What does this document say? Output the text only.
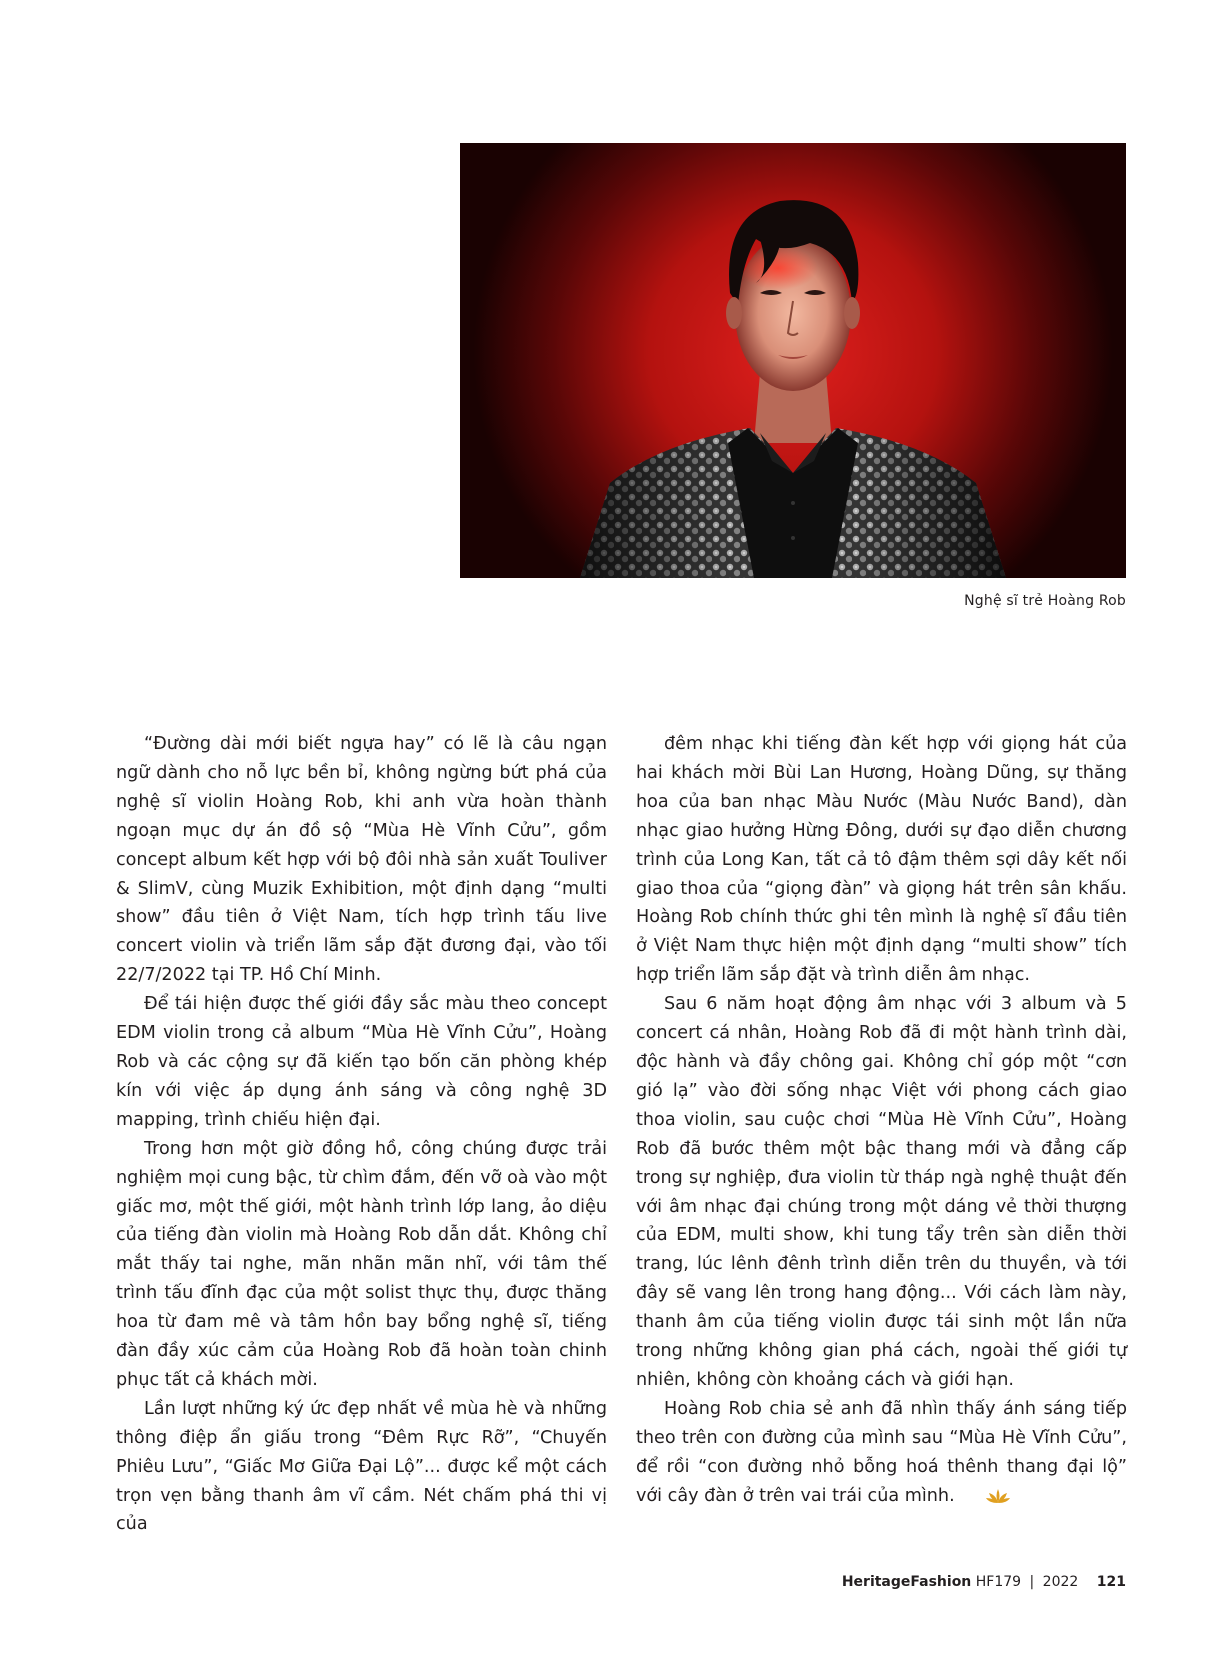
Nghệ sĩ trẻ Hoàng Rob

“Đường dài mới biết ngựa hay” có lẽ là câu ngạn ngữ dành cho nỗ lực bền bỉ, không ngừng bứt phá của nghệ sĩ violin Hoàng Rob, khi anh vừa hoàn thành ngoạn mục dự án đồ sộ “Mùa Hè Vĩnh Cửu”, gồm concept album kết hợp với bộ đôi nhà sản xuất Touliver & SlimV, cùng Muzik Exhibition, một định dạng “multi show” đầu tiên ở Việt Nam, tích hợp trình tấu live concert violin và triển lãm sắp đặt đương đại, vào tối 22/7/2022 tại TP. Hồ Chí Minh.

Để tái hiện được thế giới đầy sắc màu theo concept EDM violin trong cả album “Mùa Hè Vĩnh Cửu”, Hoàng Rob và các cộng sự đã kiến tạo bốn căn phòng khép kín với việc áp dụng ánh sáng và công nghệ 3D mapping, trình chiếu hiện đại.

Trong hơn một giờ đồng hồ, công chúng được trải nghiệm mọi cung bậc, từ chìm đắm, đến vỡ oà vào một giấc mơ, một thế giới, một hành trình lớp lang, ảo diệu của tiếng đàn violin mà Hoàng Rob dẫn dắt. Không chỉ mắt thấy tai nghe, mãn nhãn mãn nhĩ, với tâm thế trình tấu đĩnh đạc của một solist thực thụ, được thăng hoa từ đam mê và tâm hồn bay bổng nghệ sĩ, tiếng đàn đầy xúc cảm của Hoàng Rob đã hoàn toàn chinh phục tất cả khách mời.

Lần lượt những ký ức đẹp nhất về mùa hè và những thông điệp ẩn giấu trong “Đêm Rực Rỡ”, “Chuyến Phiêu Lưu”, “Giấc Mơ Giữa Đại Lộ”... được kể một cách trọn vẹn bằng thanh âm vĩ cầm. Nét chấm phá thi vị của

đêm nhạc khi tiếng đàn kết hợp với giọng hát của hai khách mời Bùi Lan Hương, Hoàng Dũng, sự thăng hoa của ban nhạc Màu Nước (Màu Nước Band), dàn nhạc giao hưởng Hừng Đông, dưới sự đạo diễn chương trình của Long Kan, tất cả tô đậm thêm sợi dây kết nối giao thoa của “giọng đàn” và giọng hát trên sân khấu. Hoàng Rob chính thức ghi tên mình là nghệ sĩ đầu tiên ở Việt Nam thực hiện một định dạng “multi show” tích hợp triển lãm sắp đặt và trình diễn âm nhạc.

Sau 6 năm hoạt động âm nhạc với 3 album và 5 concert cá nhân, Hoàng Rob đã đi một hành trình dài, độc hành và đầy chông gai. Không chỉ góp một “cơn gió lạ” vào đời sống nhạc Việt với phong cách giao thoa violin, sau cuộc chơi “Mùa Hè Vĩnh Cửu”, Hoàng Rob đã bước thêm một bậc thang mới và đẳng cấp trong sự nghiệp, đưa violin từ tháp ngà nghệ thuật đến với âm nhạc đại chúng trong một dáng vẻ thời thượng của EDM, multi show, khi tung tẩy trên sàn diễn thời trang, lúc lênh đênh trình diễn trên du thuyền, và tới đây sẽ vang lên trong hang động... Với cách làm này, thanh âm của tiếng violin được tái sinh một lần nữa trong những không gian phá cách, ngoài thế giới tự nhiên, không còn khoảng cách và giới hạn.

Hoàng Rob chia sẻ anh đã nhìn thấy ánh sáng tiếp theo trên con đường của mình sau “Mùa Hè Vĩnh Cửu”, để rồi “con đường nhỏ bỗng hoá thênh thang đại lộ” với cây đàn ở trên vai trái của mình.

HeritageFashion HF179 | 2022 121
